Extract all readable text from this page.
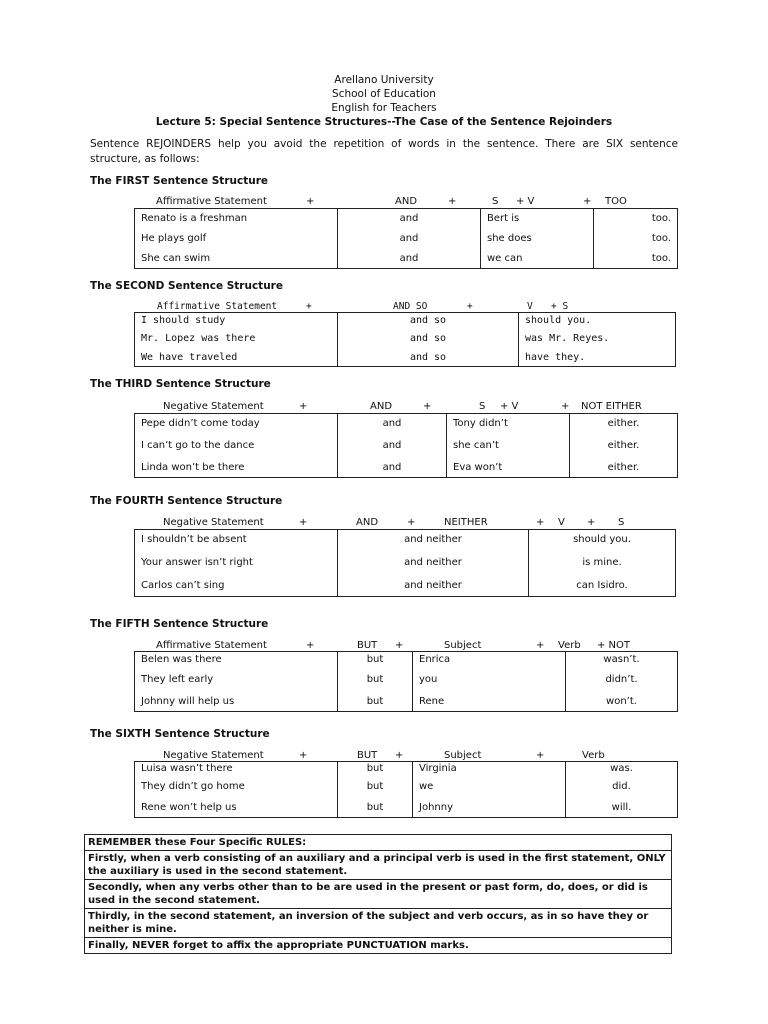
Arellano University
School of Education
English for Teachers
Lecture 5: Special Sentence Structures--The Case of the Sentence Rejoinders
Sentence REJOINDERS help you avoid the repetition of words in the sentence. There are SIX sentence structure, as follows:
The FIRST Sentence Structure
Affirmative Statement	+	AND	+	S + V	+ TOO
Renato is a freshman	and	Bert is	too.
He plays golf	and	she does	too.
She can swim	and	we can	too.
The SECOND Sentence Structure
Affirmative Statement	+	AND SO	+	V + S
I should study	and so	should you.
Mr. Lopez was there	and so	was Mr. Reyes.
We have traveled	and so	have they.
The THIRD Sentence Structure
Negative Statement	+	AND	+	S + V	+ NOT EITHER
Pepe didn’t come today	and	Tony didn’t	either.
I can’t go to the dance	and	she can’t	either.
Linda won’t be there	and	Eva won’t	either.
The FOURTH Sentence Structure
Negative Statement	+	AND	+	NEITHER	+ V + S
I shouldn’t be absent	and neither	should you.
Your answer isn’t right	and neither	is mine.
Carlos can’t sing	and neither	can Isidro.
The FIFTH Sentence Structure
Affirmative Statement	+	BUT +	Subject	+ Verb + NOT
Belen was there	but	Enrica	wasn’t.
They left early	but	you	didn’t.
Johnny will help us	but	Rene	won’t.
The SIXTH Sentence Structure
Negative Statement	+	BUT +	Subject	+	Verb
Luisa wasn’t there	but	Virginia	was.
They didn’t go home	but	we	did.
Rene won’t help us	but	Johnny	will.
REMEMBER these Four Specific RULES:
Firstly, when a verb consisting of an auxiliary and a principal verb is used in the first statement, ONLY the auxiliary is used in the second statement.
Secondly, when any verbs other than to be are used in the present or past form, do, does, or did is used in the second statement.
Thirdly, in the second statement, an inversion of the subject and verb occurs, as in so have they or neither is mine.
Finally, NEVER forget to affix the appropriate PUNCTUATION marks.
